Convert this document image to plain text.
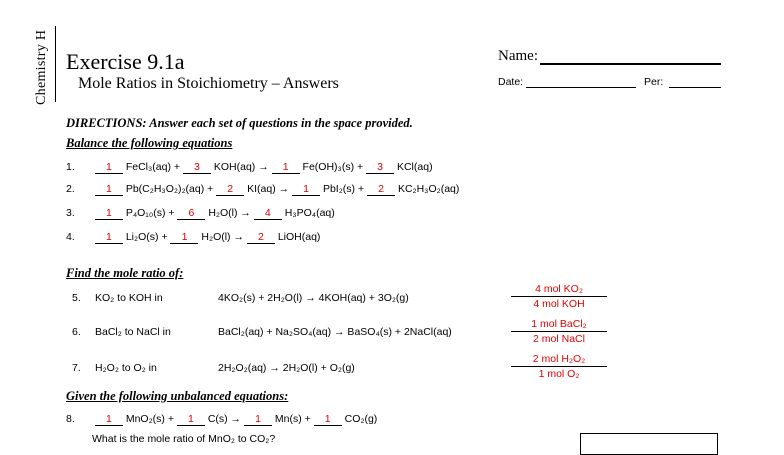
Chemistry H Exercise 9.1a
Mole Ratios in Stoichiometry – Answers
Name:
Date:	Per:
DIRECTIONS: Answer each set of questions in the space provided.
Balance the following equations
1.	1 FeCl₃(aq) + 3 KOH(aq) → 1 Fe(OH)₃(s) + 3 KCl(aq)
2.	1 Pb(C₂H₃O₂)₂(aq) + 2 KI(aq) → 1 PbI₂(s) + 2 KC₂H₃O₂(aq)
3.	1 P₄O₁₀(s) + 6 H₂O(l) → 4 H₃PO₄(aq)
4.	1 Li₂O(s) + 1 H₂O(l) → 2 LiOH(aq)
Find the mole ratio of:
5. KO₂ to KOH in	4KO₂(s) + 2H₂O(l) → 4KOH(aq) + 3O₂(g)
4 mol KO₂
4 mol KOH
6. BaCl₂ to NaCl in	BaCl₂(aq) + Na₂SO₄(aq) → BaSO₄(s) + 2NaCl(aq)
1 mol BaCl₂
2 mol NaCl
7. H₂O₂ to O₂ in	2H₂O₂(aq) → 2H₂O(l) + O₂(g)
2 mol H₂O₂
1 mol O₂
Given the following unbalanced equations:
8.	1 MnO₂(s) + 1 C(s) → 1 Mn(s) + 1 CO₂(g)
What is the mole ratio of MnO₂ to CO₂?
